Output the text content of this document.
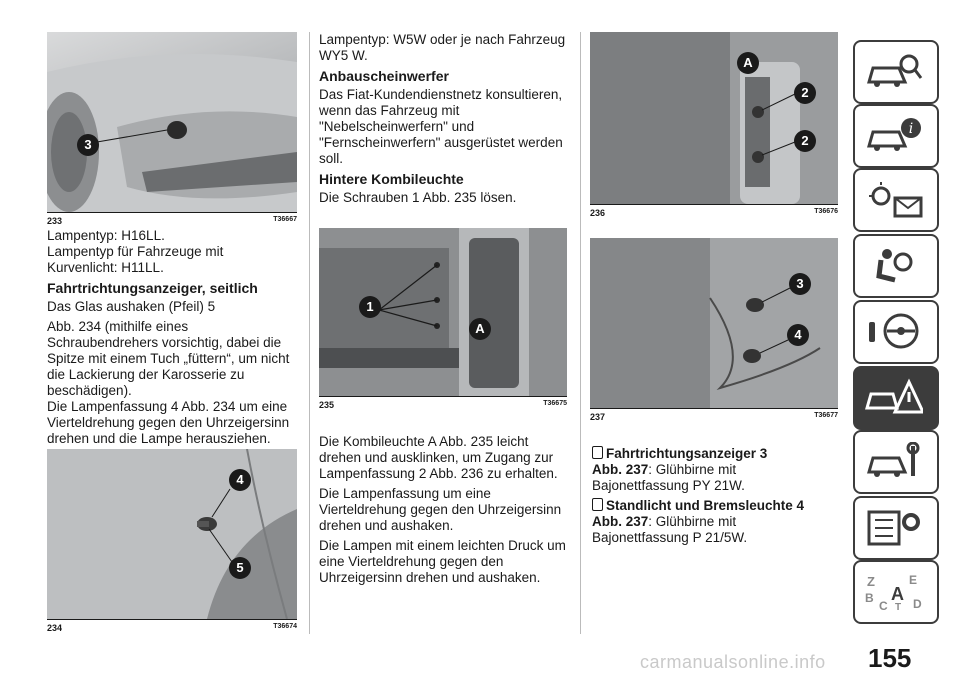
3
233	T36667
Lampentyp: H16LL.
Lampentyp für Fahrzeuge mit
Kurvenlicht: H11LL.

Fahrtrichtungsanzeiger, seitlich

Das Glas aushaken (Pfeil) 5

Abb. 234 (mithilfe eines Schraubendrehers vorsichtig, dabei die Spitze mit einem Tuch „füttern“, um nicht die Lackierung der Karosserie zu beschädigen).

Die Lampenfassung 4 Abb. 234 um eine Vierteldrehung gegen den Uhrzeigersinn drehen und die Lampe herausziehen.

4
5
234	T36674

Lampentyp: W5W oder je nach Fahrzeug WY5 W.

Anbauscheinwerfer

Das Fiat-Kundendienstnetz konsultieren, wenn das Fahrzeug mit "Nebelscheinwerfern" und "Fernscheinwerfern" ausgerüstet werden soll.

Hintere Kombileuchte

Die Schrauben 1 Abb. 235 lösen.

1
A
235	T36675

Die Kombileuchte A Abb. 235 leicht drehen und ausklinken, um Zugang zur Lampenfassung 2 Abb. 236 zu erhalten.

Die Lampenfassung um eine Vierteldrehung gegen den Uhrzeigersinn drehen und aushaken.

Die Lampen mit einem leichten Druck um eine Vierteldrehung gegen den Uhrzeigersinn drehen und aushaken.

A
2
2
236	T36676
3
4
237	T36677
Fahrtrichtungsanzeiger 3
Abb. 237: Glühbirne mit
Bajonettfassung PY 21W.
Standlicht und Bremsleuchte 4
Abb. 237: Glühbirne mit
Bajonettfassung P 21/5W.
i
Z	E
B A
C D
T
155
carmanualsonline.info
